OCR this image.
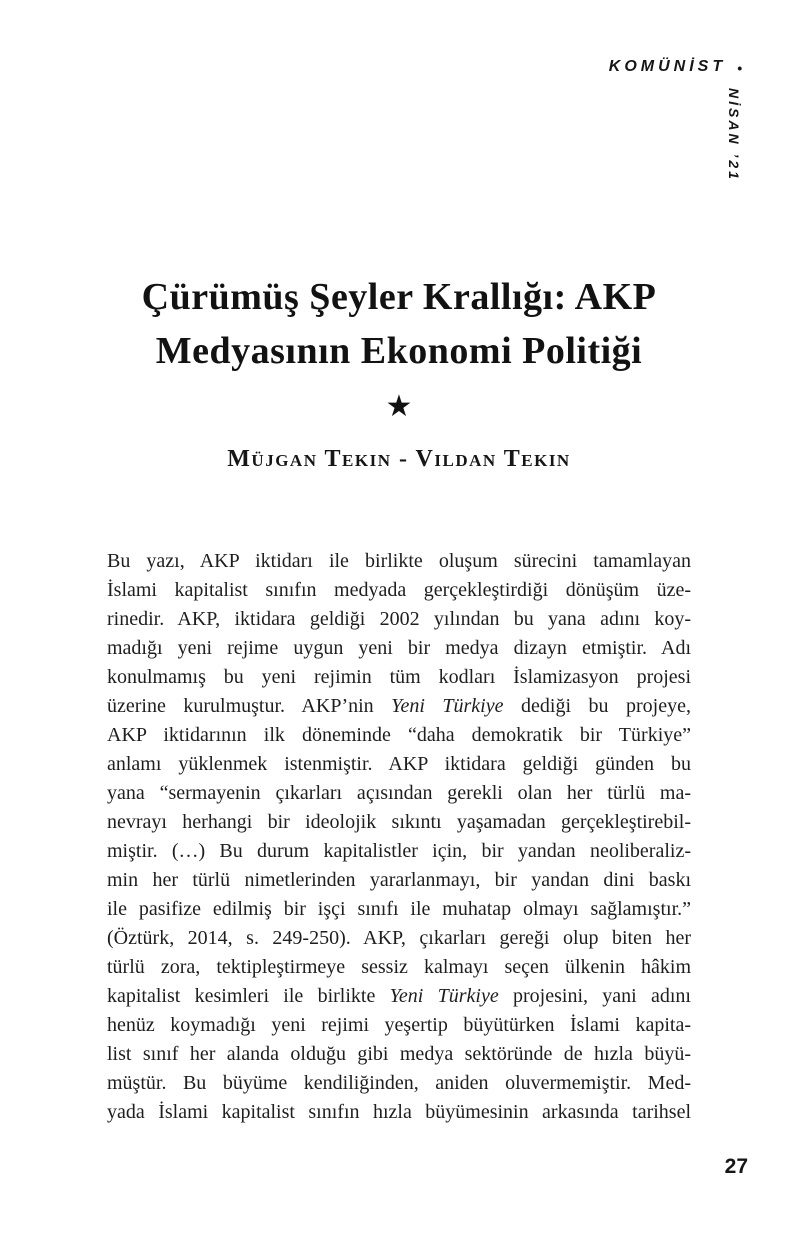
KOMÜNİST •
NİSAN ’21
Çürümüş Şeyler Krallığı: AKP
Medyasının Ekonomi Politiği
★
Müjgan Tekin - Vildan Tekin
Bu yazı, AKP iktidarı ile birlikte oluşum sürecini tamamlayan
İslami kapitalist sınıfın medyada gerçekleştirdiği dönüşüm üze-
rinedir. AKP, iktidara geldiği 2002 yılından bu yana adını koy-
madığı yeni rejime uygun yeni bir medya dizayn etmiştir. Adı
konulmamış bu yeni rejimin tüm kodları İslamizasyon projesi
üzerine kurulmuştur. AKP’nin Yeni Türkiye dediği bu projeye,
AKP iktidarının ilk döneminde “daha demokratik bir Türkiye”
anlamı yüklenmek istenmiştir. AKP iktidara geldiği günden bu
yana “sermayenin çıkarları açısından gerekli olan her türlü ma-
nevrayı herhangi bir ideolojik sıkıntı yaşamadan gerçekleştirebil-
miştir. (…) Bu durum kapitalistler için, bir yandan neoliberaliz-
min her türlü nimetlerinden yararlanmayı, bir yandan dini baskı
ile pasifize edilmiş bir işçi sınıfı ile muhatap olmayı sağlamıştır.”
(Öztürk, 2014, s. 249-250). AKP, çıkarları gereği olup biten her
türlü zora, tektipleştirmeye sessiz kalmayı seçen ülkenin hâkim
kapitalist kesimleri ile birlikte Yeni Türkiye projesini, yani adını
henüz koymadığı yeni rejimi yeşertip büyütürken İslami kapita-
list sınıf her alanda olduğu gibi medya sektöründe de hızla büyü-
müştür. Bu büyüme kendiliğinden, aniden oluvermemiştir. Med-
yada İslami kapitalist sınıfın hızla büyümesinin arkasında tarihsel
27
